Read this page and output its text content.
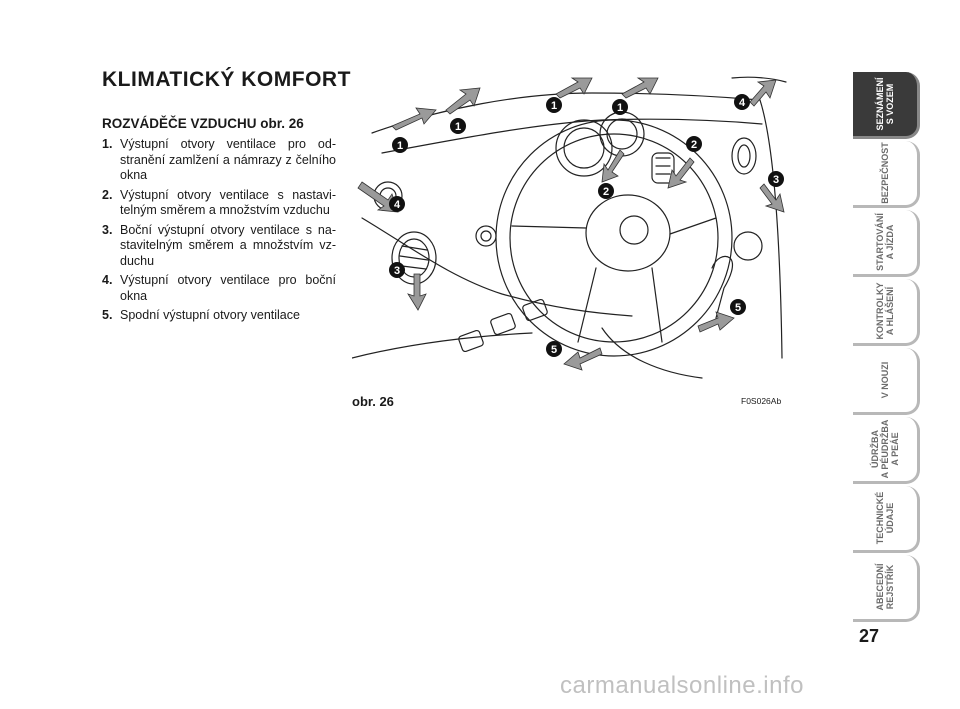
KLIMATICKÝ KOMFORT
ROZVÁDĚČE VZDUCHU obr. 26
1. Výstupní otvory ventilace pro od-stranění zamlžení a námrazy z čelního okna
2. Výstupní otvory ventilace s nastavi-telným směrem a množstvím vzduchu
3. Boční výstupní otvory ventilace s na-stavitelným směrem a množstvím vz-duchu
4. Výstupní otvory ventilace pro boční okna
5. Spodní výstupní otvory ventilace
1
1
1	1
2
2
3
3
4
4
5
5
obr. 26	F0S026Ab
SEZNÁMENÍ
S VOZEM
BEZPEČNOST
STARTOVÁNÍ
A JÍZDA
KONTROLKY
A HLÁŠENÍ
V NOUZI
ÚDRŽBA
A PÉUDRŽBA
A PEÁE
TECHNICKÉ
ÚDAJE
ABECEDNÍ
REJSTŘÍK
27
carmanualsonline.info
